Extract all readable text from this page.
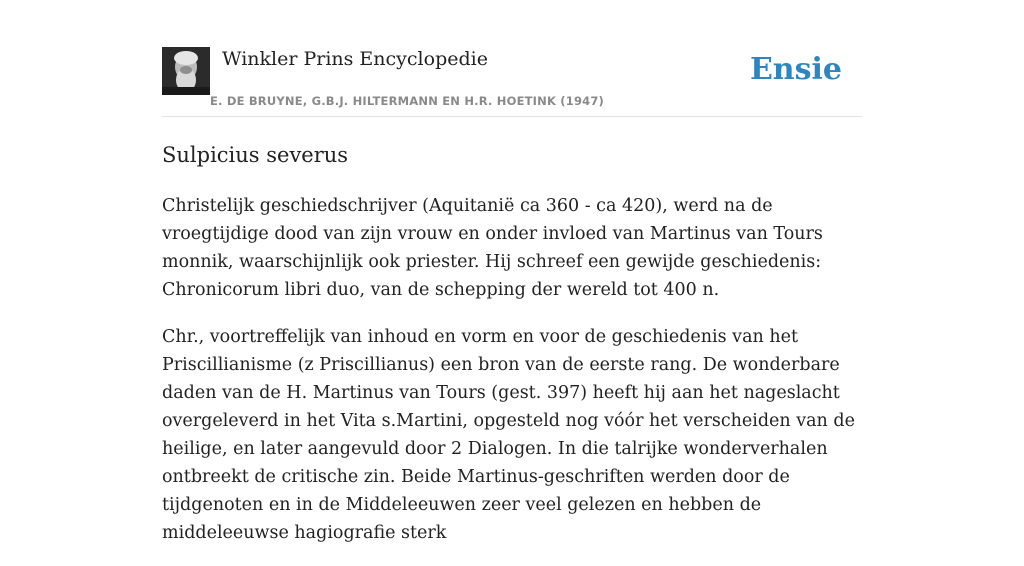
Winkler Prins Encyclopedie
E. DE BRUYNE, G.B.J. HILTERMANN EN H.R. HOETINK (1947)
Ensie
Sulpicius severus

Christelijk geschiedschrijver (Aquitanië ca 360 - ca 420), werd na de vroegtijdige dood van zijn vrouw en onder invloed van Martinus van Tours monnik, waarschijnlijk ook priester. Hij schreef een gewijde geschiedenis: Chronicorum libri duo, van de schepping der wereld tot 400 n.

Chr., voortreffelijk van inhoud en vorm en voor de geschiedenis van het Priscillianisme (z Priscillianus) een bron van de eerste rang. De wonderbare daden van de H. Martinus van Tours (gest. 397) heeft hij aan het nageslacht overgeleverd in het Vita s.Martini, opgesteld nog vóór het verscheiden van de heilige, en later aangevuld door 2 Dialogen. In die talrijke wonderverhalen ontbreekt de critische zin. Beide Martinus-geschriften werden door de tijdgenoten en in de Middeleeuwen zeer veel gelezen en hebben de middeleeuwse hagiografie sterk
